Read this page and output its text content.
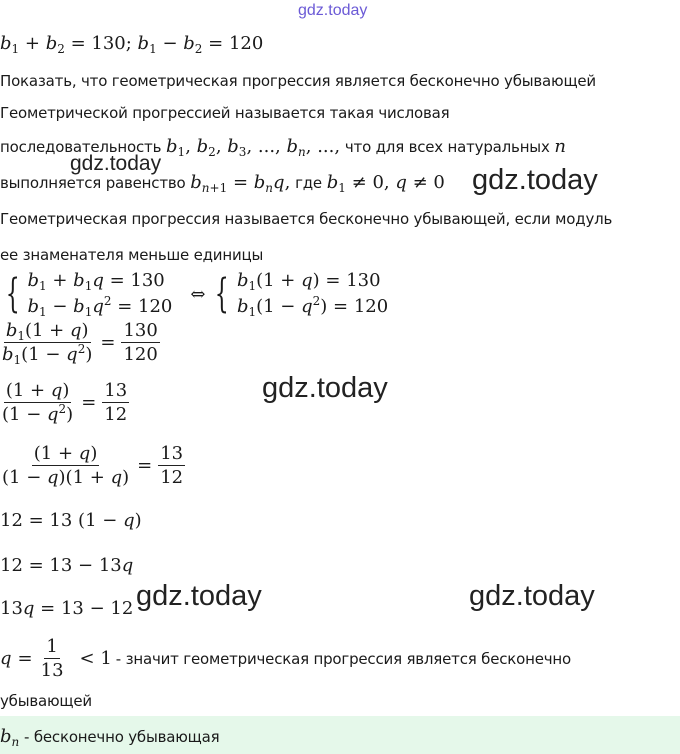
gdz.today
$b_1 + b_2 = 130$; $b_1 - b_2 = 120$
Показать, что геометрическая прогрессия является бесконечно убывающей
Геометрической прогрессией называется такая числовая
последовательность $b_1$, $b_2$, $b_3$, ..., $b_n$, ..., что для всех натуральных n
gdz.today
выполняется равенство $b_{n+1} = b_nq$, где $b_1 \ne 0$, q ≠ 0 gdz.today
Геометрическая прогрессия называется бесконечно убывающей, если модуль
ее знаменателя меньше единицы
{ $b_1 + b_1q = 130$
$b_1 - b_1q^2 = 120$
⇔ { $b_1(1 + q) = 130$
$b_1(1 - q^2) = 120$
$\frac{b_1(1 + q)}{b_1(1 - q^2)} = \frac{130}{120}$
$\frac{(1 + q)}{(1 - q^2)} = \frac{13}{12}$	gdz.today
$\frac{(1 + q)}{(1 - q)(1 + q)} = \frac{13}{12}$
12 = 13 (1 − q)
12 = 13 − 13q
13q = 13 − 12 gdz.today	gdz.today
$q = \frac{1}{13} < 1$ - значит геометрическая прогрессия является бесконечно
убывающей
$b_n$ - бесконечно убывающая
